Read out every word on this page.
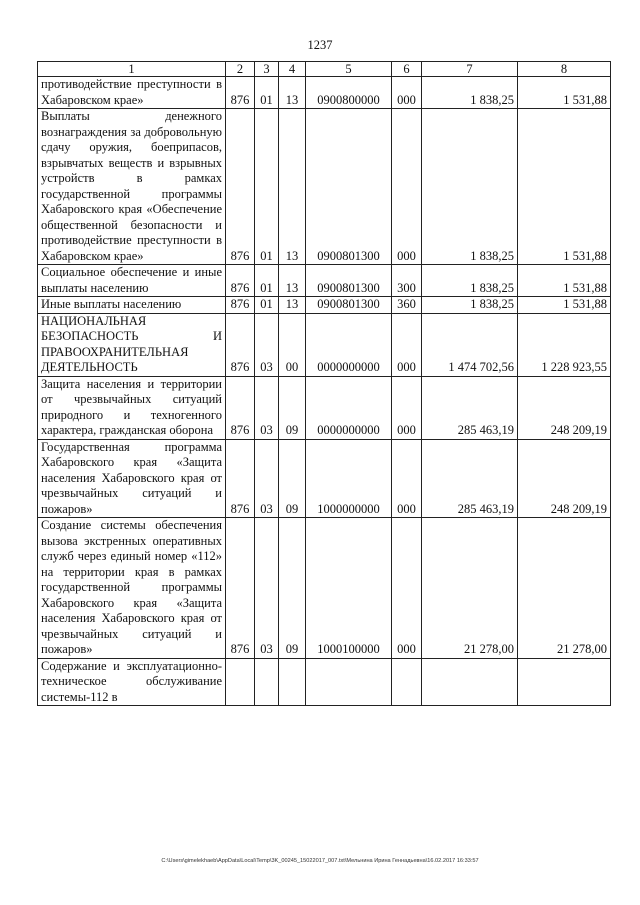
1237
1	2	3	4	5	6	7	8
противодействие преступности в Хабаровском крае»	876	01	13	0900800000	000	1 838,25	1 531,88
Выплаты денежного вознаграждения за добровольную сдачу оружия, боеприпасов, взрывчатых веществ и взрывных устройств в рамках государственной программы Хабаровского края «Обеспечение общественной безопасности и противодействие преступности в Хабаровском крае»	876	01	13	0900801300	000	1 838,25	1 531,88
Социальное обеспечение и иные выплаты населению	876	01	13	0900801300	300	1 838,25	1 531,88
Иные выплаты населению	876	01	13	0900801300	360	1 838,25	1 531,88
НАЦИОНАЛЬНАЯ БЕЗОПАСНОСТЬ И ПРАВООХРАНИТЕЛЬНАЯ ДЕЯТЕЛЬНОСТЬ	876	03	00	0000000000	000	1 474 702,56	1 228 923,55
Защита населения и территории от чрезвычайных ситуаций природного и техногенного характера, гражданская оборона	876	03	09	0000000000	000	285 463,19	248 209,19
Государственная программа Хабаровского края «Защита населения Хабаровского края от чрезвычайных ситуаций и пожаров»	876	03	09	1000000000	000	285 463,19	248 209,19
Создание системы обеспечения вызова экстренных оперативных служб через единый номер «112» на территории края в рамках государственной программы Хабаровского края «Защита населения Хабаровского края от чрезвычайных ситуаций и пожаров»	876	03	09	1000100000	000	21 278,00	21 278,00
Содержание и эксплуатационно-техническое обслуживание системы-112 в							
C:\Users\gimelekhaeb\AppData\Local\Temp\3K_00245_15022017_007.txt\Мельнина Ирина Геннадьевна\16.02.2017 16:33:57
